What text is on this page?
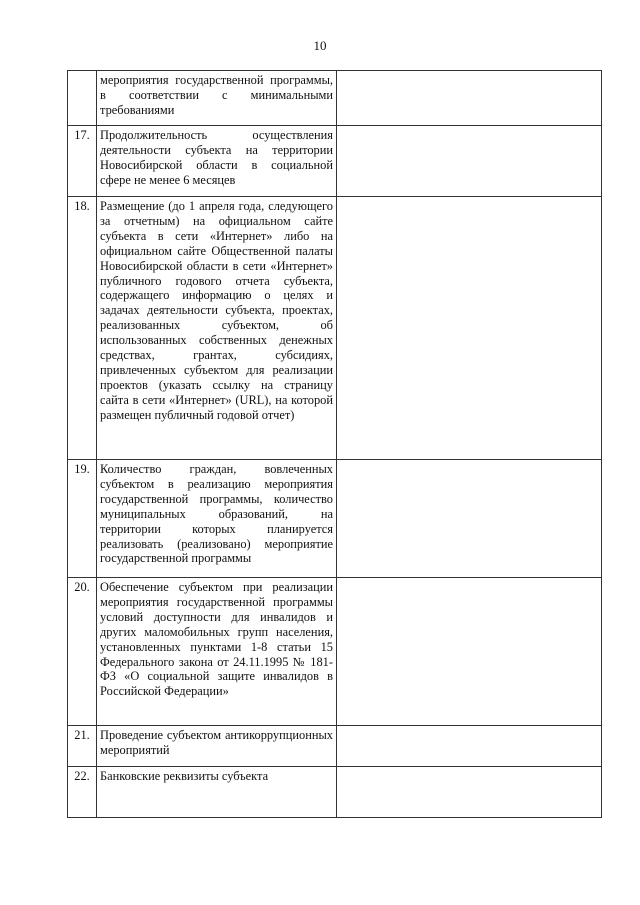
10
	мероприятия государственной программы, в соответствии с минимальными требованиями	
17.	Продолжительность осуществления деятельности субъекта на территории Новосибирской области в социальной сфере не менее 6 месяцев	
18.	Размещение (до 1 апреля года, следующего за отчетным) на официальном сайте субъекта в сети «Интернет» либо на официальном сайте Общественной палаты Новосибирской области в сети «Интернет» публичного годового отчета субъекта, содержащего информацию о целях и задачах деятельности субъекта, проектах, реализованных субъектом, об использованных собственных денежных средствах, грантах, субсидиях, привлеченных субъектом для реализации проектов (указать ссылку на страницу сайта в сети «Интернет» (URL), на которой размещен публичный годовой отчет)	
19.	Количество граждан, вовлеченных субъектом в реализацию мероприятия государственной программы, количество муниципальных образований, на территории которых планируется реализовать (реализовано) мероприятие государственной программы	
20.	Обеспечение субъектом при реализации мероприятия государственной программы условий доступности для инвалидов и других маломобильных групп населения, установленных пунктами 1-8 статьи 15 Федерального закона от 24.11.1995 № 181-ФЗ «О социальной защите инвалидов в Российской Федерации»	
21.	Проведение субъектом антикоррупционных мероприятий	
22.	Банковские реквизиты субъекта	
